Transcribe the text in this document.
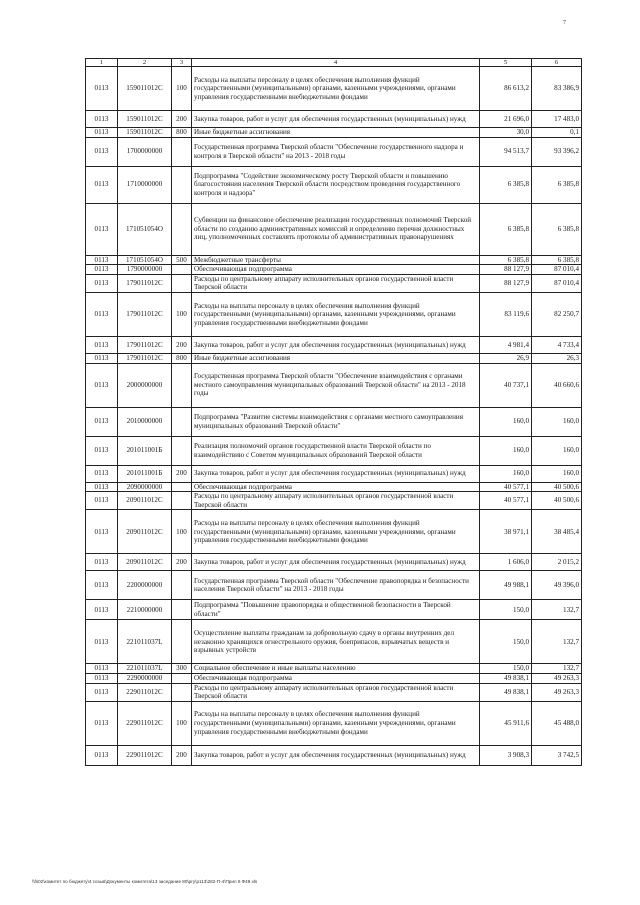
7
1	2	3	4	5	6
0113	159011012С	100	Расходы на выплаты персоналу в целях обеспечения выполнения функций государственными (муниципальными) органами, казенными учреждениями, органами управления государственными внебюджетными фондами	86 613,2	83 386,9
0113	159011012С	200	Закупка товаров, работ и услуг для обеспечения государственных (муниципальных) нужд	21 696,0	17 483,0
0113	159011012С	800	Иные бюджетные ассигнования	30,0	0,1
0113	1700000000		Государственная программа Тверской области "Обеспечение государственного надзора и контроля в Тверской области" на 2013 - 2018 годы	94 513,7	93 396,2
0113	1710000000		Подпрограмма "Содействие экономическому росту Тверской области и повышению благосостояния населения Тверской области посредством проведения государственного контроля и надзора"	6 385,8	6 385,8
0113	171051054О		Субвенции на финансовое обеспечение реализации государственных полномочий Тверской области по созданию административных комиссий и определению перечня должностных лиц, уполномоченных составлять протоколы об административных правонарушениях	6 385,8	6 385,8
0113	171051054О	500	Межбюджетные трансферты	6 385,8	6 385,8
0113	1790000000		Обеспечивающая подпрограмма	88 127,9	87 010,4
0113	179011012С		Расходы по центральному аппарату исполнительных органов государственной власти Тверской области	88 127,9	87 010,4
0113	179011012С	100	Расходы на выплаты персоналу в целях обеспечения выполнения функций государственными (муниципальными) органами, казенными учреждениями, органами управления государственными внебюджетными фондами	83 119,6	82 250,7
0113	179011012С	200	Закупка товаров, работ и услуг для обеспечения государственных (муниципальных) нужд	4 981,4	4 733,4
0113	179011012С	800	Иные бюджетные ассигнования	26,9	26,3
0113	2000000000		Государственная программа Тверской области "Обеспечение взаимодействия с органами местного самоуправления муниципальных образований Тверской области" на 2013 - 2018 годы	40 737,1	40 660,6
0113	2010000000		Подпрограмма "Развитие системы взаимодействия с органами местного самоуправления муниципальных образований Тверской области"	160,0	160,0
0113	201011001Б		Реализация полномочий органов государственной власти Тверской области по взаимодействию с Советом муниципальных образований Тверской области	160,0	160,0
0113	201011001Б	200	Закупка товаров, работ и услуг для обеспечения государственных (муниципальных) нужд	160,0	160,0
0113	2090000000		Обеспечивающая подпрограмма	40 577,1	40 500,6
0113	209011012С		Расходы по центральному аппарату исполнительных органов государственной власти Тверской области	40 577,1	40 500,6
0113	209011012С	100	Расходы на выплаты персоналу в целях обеспечения выполнения функций государственными (муниципальными) органами, казенными учреждениями, органами управления государственными внебюджетными фондами	38 971,1	38 485,4
0113	209011012С	200	Закупка товаров, работ и услуг для обеспечения государственных (муниципальных) нужд	1 606,0	2 015,2
0113	2200000000		Государственная программа Тверской области "Обеспечение правопорядка и безопасности населения Тверской области" на 2013 - 2018 годы	49 988,1	49 396,0
0113	2210000000		Подпрограмма "Повышение правопорядка и общественной безопасности в Тверской области"	150,0	132,7
0113	221011037L		Осуществление выплаты гражданам за добровольную сдачу в органы внутренних дел незаконно хранящихся огнестрельного оружия, боеприпасов, взрывчатых веществ и взрывных устройств	150,0	132,7
0113	221011037L	300	Социальное обеспечение и иные выплаты населению	150,0	132,7
0113	2290000000		Обеспечивающая подпрограмма	49 838,1	49 263,3
0113	229011012С		Расходы по центральному аппарату исполнительных органов государственной власти Тверской области	49 838,1	49 263,3
0113	229011012С	100	Расходы на выплаты персоналу в целях обеспечения выполнения функций государственными (муниципальными) органами, казенными учреждениями, органами управления государственными внебюджетными фондами	45 911,6	45 488,0
0113	229011012С	200	Закупка товаров, работ и услуг для обеспечения государственных (муниципальных) нужд	3 908,3	3 742,5
\\fs02\комитет по бюджету\4 созыв\Документы комитета\13 заседание 80\ргу\р113\282-П-4\Прил 5 Ф49.xls
